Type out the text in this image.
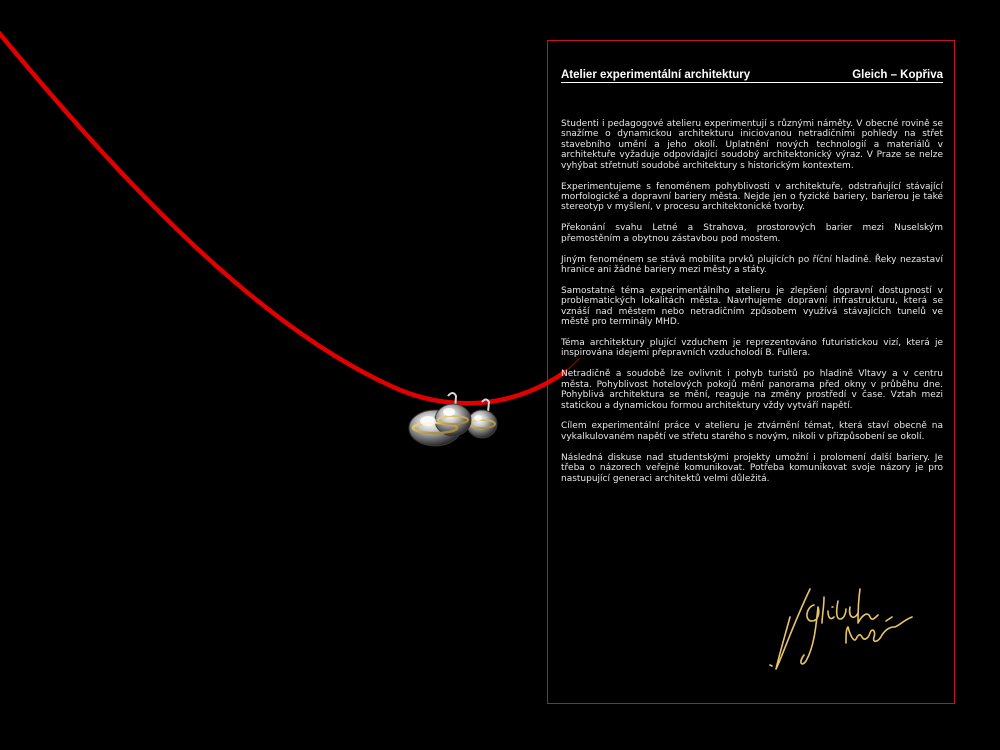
Atelier experimentální architektury	Gleich – Kopřiva

Studenti i pedagogové atelieru experimentují s různými náměty. V obecné rovině se snažíme o dynamickou architekturu iniciovanou netradičními pohledy na střet stavebního umění a jeho okolí. Uplatnění nových technologií a materiálů v architektuře vyžaduje odpovídající soudobý architektonický výraz. V Praze se nelze vyhýbat střetnutí soudobé architektury s historickým kontextem.

Experimentujeme s fenoménem pohyblivosti v architektuře, odstraňující stávající morfologické a dopravní bariery města. Nejde jen o fyzické bariery, barierou je také stereotyp v myšlení, v procesu architektonické tvorby.

Překonání svahu Letné a Strahova, prostorových barier mezi Nuselským přemostěním a obytnou zástavbou pod mostem.

Jiným fenoménem se stává mobilita prvků plujících po říční hladině. Řeky nezastaví hranice ani žádné bariery mezi městy a státy.

Samostatné téma experimentálního atelieru je zlepšení dopravní dostupností v problematických lokalitách města. Navrhujeme dopravní infrastrukturu, která se vznáší nad městem nebo netradičním způsobem využívá stávajících tunelů ve městě pro terminály MHD.

Téma architektury plující vzduchem je reprezentováno futuristickou vizí, která je inspirována idejemi přepravních vzducholodí B. Fullera.

Netradičně a soudobě lze ovlivnit i pohyb turistů po hladině Vltavy a v centru města. Pohyblivost hotelových pokojů mění panorama před okny v průběhu dne. Pohyblivá architektura se mění, reaguje na změny prostředí v čase. Vztah mezi statickou a dynamickou formou architektury vždy vytváří napětí.

Cílem experimentální práce v atelieru je ztvárnění témat, která staví obecně na vykalkulovaném napětí ve střetu starého s novým, nikoli v přizpůsobení se okolí.

Následná diskuse nad studentskými projekty umožní i prolomení další bariery. Je třeba o názorech veřejné komunikovat. Potřeba komunikovat svoje názory je pro nastupující generaci architektů velmi důležitá.
